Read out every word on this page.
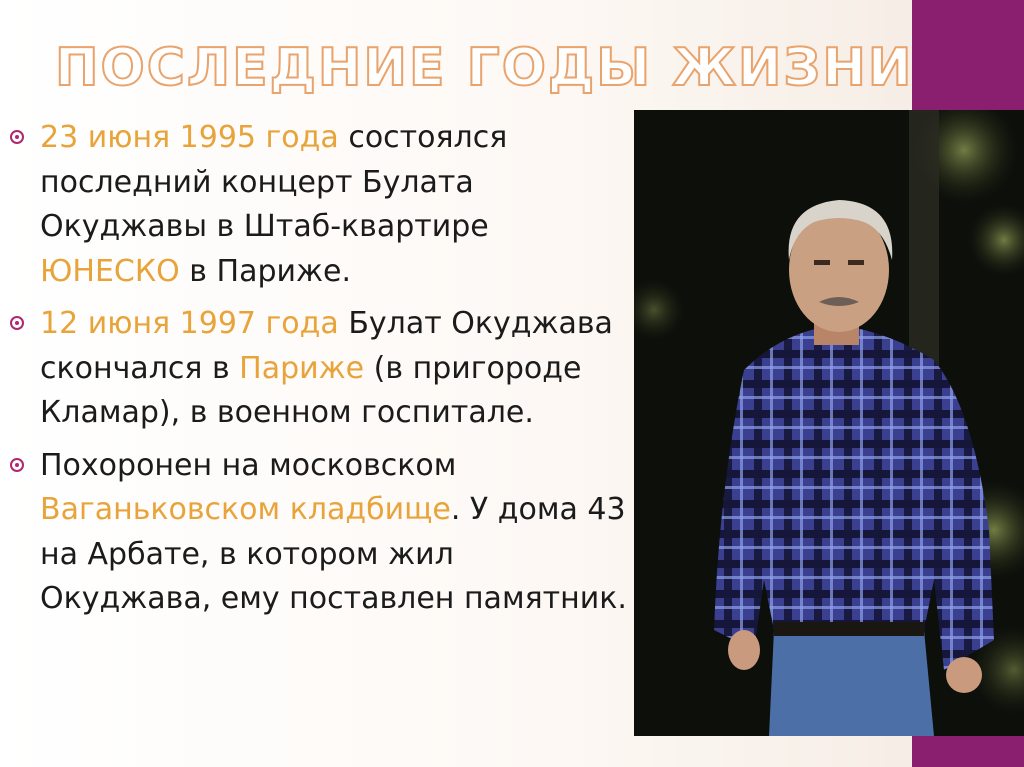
ПОСЛЕДНИЕ ГОДЫ ЖИЗНИ
23 июня 1995 года состоялся последний концерт Булата Окуджавы в Штаб-квартире ЮНЕСКО в Париже.
12 июня 1997 года Булат Окуджава скончался в Париже (в пригороде Кламар), в военном госпитале.
Похоронен на московском Ваганьковском кладбище. У дома 43 на Арбате, в котором жил Окуджава, ему поставлен памятник.
